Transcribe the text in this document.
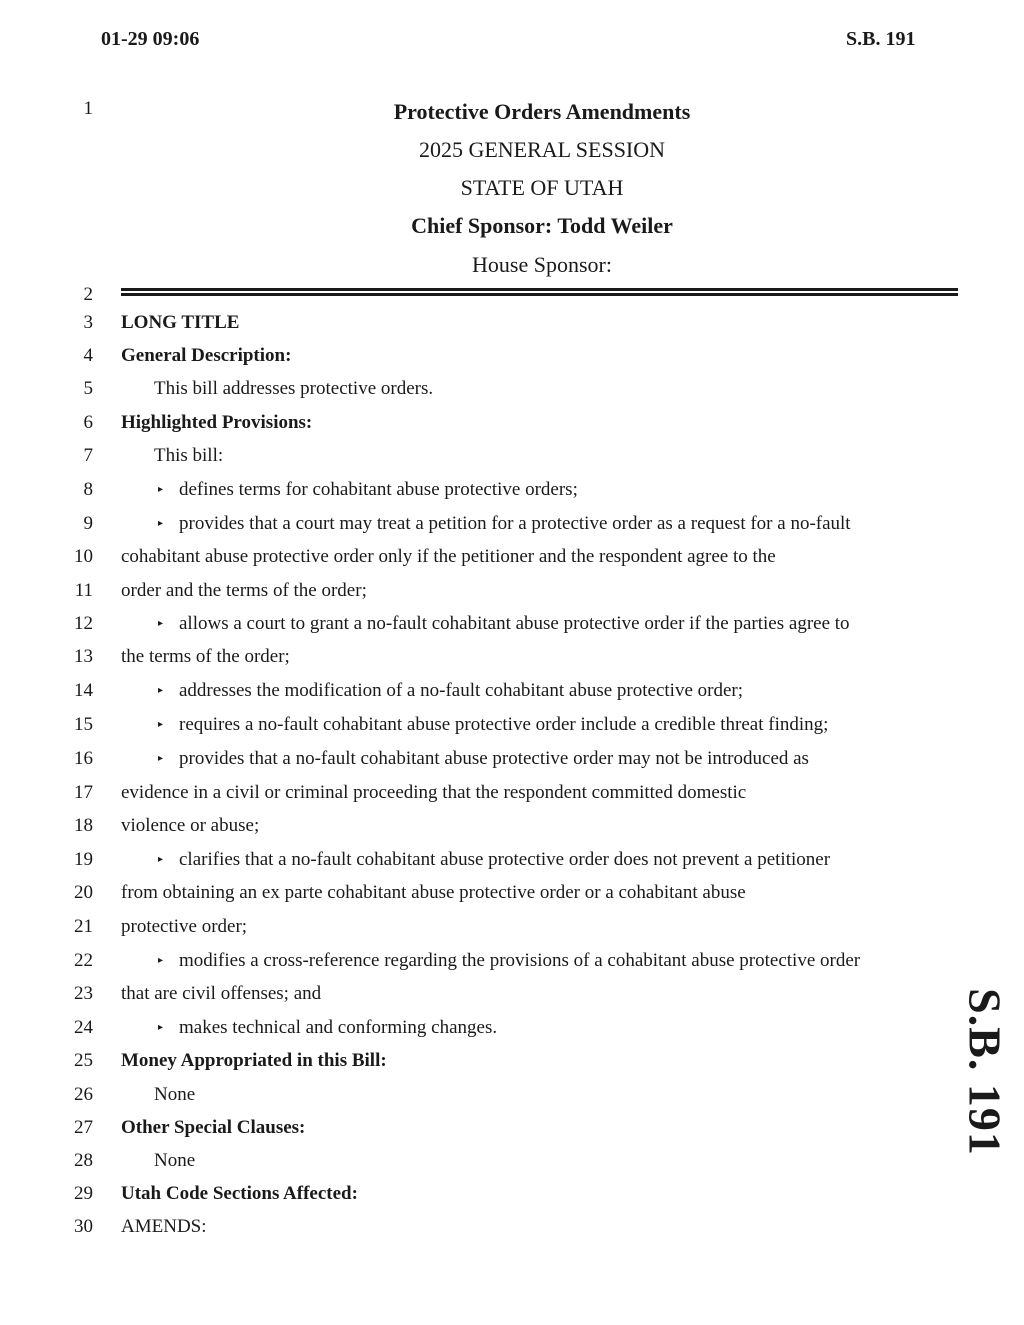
01-29 09:06	S.B. 191
Protective Orders Amendments
2025 GENERAL SESSION
STATE OF UTAH
Chief Sponsor: Todd Weiler
House Sponsor:
1
2
3
4
5
6
7
8
9
10
11
12
13
14
15
16
17
18
19
20
21
22
23
24
25
26
27
28
29
30
LONG TITLE
General Description:
This bill addresses protective orders.
Highlighted Provisions:
This bill:
▸ defines terms for cohabitant abuse protective orders;
▸ provides that a court may treat a petition for a protective order as a request for a no-fault
cohabitant abuse protective order only if the petitioner and the respondent agree to the
order and the terms of the order;
▸ allows a court to grant a no-fault cohabitant abuse protective order if the parties agree to
the terms of the order;
▸ addresses the modification of a no-fault cohabitant abuse protective order;
▸ requires a no-fault cohabitant abuse protective order include a credible threat finding;
▸ provides that a no-fault cohabitant abuse protective order may not be introduced as
evidence in a civil or criminal proceeding that the respondent committed domestic
violence or abuse;
▸ clarifies that a no-fault cohabitant abuse protective order does not prevent a petitioner
from obtaining an ex parte cohabitant abuse protective order or a cohabitant abuse
protective order;
▸ modifies a cross-reference regarding the provisions of a cohabitant abuse protective order
that are civil offenses; and
▸ makes technical and conforming changes.
Money Appropriated in this Bill:
None
Other Special Clauses:
None
Utah Code Sections Affected:
AMENDS:
S.B. 191
